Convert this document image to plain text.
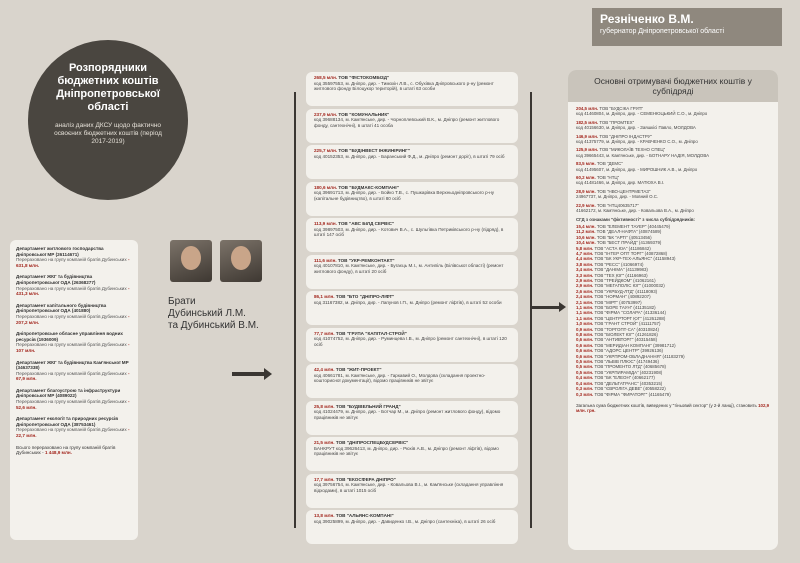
Резніченко В.М.
губернатор Дніпропетровської області
Розпорядники бюджетних коштів Дніпропетровської області
аналіз даних ДКСУ щодо фактично освоєних бюджетних коштів (період 2017-2019)
Департамент житлового господарства Дніпровської МР (26114671)
Перераховано на групу компаній братів Дубинських - 631,8 млн.
Департамент ЖКГ та будівництва Дніпропетровської ОДА (26368277)
Перераховано на групу компаній братів Дубинських - 431,3 млн.
Департамент капітального будівництва Дніпропетровської ОДА (401880)
Перераховано на групу компаній братів Дубинських - 207,2 млн.
Дніпропетровське обласне управління водних ресурсів (1936009)
Перераховано на групу компаній братів Дубинських - 107 млн.
Департамент ЖКГ та будівництва Кам'янської МР (34637338)
Перераховано на групу компаній братів Дубинських - 67,9 млн.
Департамент благоустрою та інфраструктури Дніпровської МР (4089022)
Перераховано на групу компаній братів Дубинських - 52,6 млн.
Департамент екології та природних ресурсів Дніпропетровської ОДА (38753461)
Перераховано на групу компаній братів Дубинських - 22,7 млн.
Всього перераховано на групу компаній братів Дубинських - 1 448,9 млн.
Брати
Дубинський Л.М.
та Дубинський В.М.
268,5 млн. ТОВ "ФІСТОКОМБІЗД"
код 35597553, м. Дніпро, дир. - Тимохін Л.В., с. Обухівка Дніпровського р-ну (ремонт житлового фонду Білоцукор територій), в штаті 63 особи
237,9 млн. ТОВ "КОМУНАЛЬНИК"
код 39688134, м. Кам'янське, дир. - Чорноплевський В.К., м. Дніпро (ремонт житлового фонду, сантехнічні), в штаті 41 особа
225,7 млн. ТОВ "БУДІНВЕСТ ІНЖИНІРИНГ"
код 40152353, м. Дніпро, дир. - Баранський Ф.Д., м. Дніпро (ремонт доріг), в штаті 79 осіб
180,6 млн. ТОВ "БУДМАКС-КОМПАНІ"
код 39691713, м. Дніпро, дир. - Бойко Т.В., с. Пушкарівка Верхньодніпровського р-ну (капітальне будівництво), в штаті 80 осіб
113,9 млн. ТОВ "АВС БІЛД СЕРВІС"
код 39897503, м. Дніпро, дир. - Котович В.А., с. Шульгівка Петриківського р-ну (підряд), в штаті 147 осіб
111,6 млн. ТОВ "УКР-РЕМКОНТАКТ"
код 40107810, м. Кам'янське, дир. - Бугаєць М.І., м. Антипіль (Білівської області) (ремонт житлового фонду), в штаті 20 осіб
86,1 млн. ТОВ "БТО "ДНІПРО-ЛІФТ"
код 31167382, м. Дніпро, дир. - Лапунов І.П., м. Дніпро (ремонт ліфтів), в штаті 52 особи
77,7 млн. ТОВ "ГРУПА "КАПІТАЛ-СТРОЙ"
код 41074752, м. Дніпро, дир. - Руминцева І.В., м. Дніпро (ремонт сантехнічні), в штаті 120 осіб
42,4 млн. ТОВ "ЖИТ-ПРОЕКТ"
код 40661781, м. Кам'янське, дир. - Гаркавий О., Молдова (складання проектно-кошторисної документації), відомо працівників не звітує
25,8 млн. ТОВ "БУДІВЕЛЬНИЙ ГРАНД"
код 41024479, м. Дніпро, дир. - Ботчар М., м. Дніпро (ремонт житлового фонду), відомо працівників не звітує
21,5 млн. ТОВ "ДНІПРОСПЕЦБУДСЕРВІС"
БАНКРУТ код 39626413, м. Дніпро, дир. - Рюхів А.В., м. Дніпро (ремонт ліфтів), відомо працівників не звітує
17,7 млн. ТОВ "ЕКОСФЕРА ДНІПРО"
код 39756754, м. Кам'янське, дир. - Ковальова В.І., м. Кам'янське (складання управління відходами), в штаті 1015 осіб
13,8 млн. ТОВ "АЛЬЯНС-КОМПАНІ"
код 39025899, м. Дніпро, дир. - Давиденко І.В., м. Дніпро (сантехніка), в штаті 26 осіб
Основні отримувачі бюджетних коштів у субпідряді
204,5 млн. ТОВ "БУДСІКА ГРУП"
код 41460804, м. Дніпро, дир. - СЕМЕНЮЦЬКИЙ С.О., м. Дніпро
182,5 млн. ТОВ "ПРОМТЕХ"
код 40156630, м. Дніпро, дир. - Заяшкісі Павло, МОЛДОВА
146,9 млн. ТОВ "ДНІПРО ІНДАСТРУ"
код 41375779, м. Дніпро, дир. - КРАВЧЕНКО С.О., м. Дніпро
125,9 млн. ТОВ "МИКОЛАЇВ ТЕХНО СПЕЦ"
код 39665443, м. Кам'янське, дир. - БОТНАРУ НАДІЯ, МОЛДОВА
83,5 млн. ТОВ "ДЕМС"
код 41495607, м. Дніпро, дир. - МИРОШНИК А.В., м. Дніпро
60,2 млн. ТОВ "НТЦ"
код 41481466, м. Дніпро, дир. МАТЮХА В.І.
28,9 млн. ТОВ "НВО-ЦЕНТРМЕТАЗ"
24967737, м. Дніпро, дир. - Мовний О.С.
22,9 млн. ТОВ "НТЦ40635717"
41662172, м. Кам'янське, дир. - Ковальова В.А., м. Дніпро
СГД з ознаками "фіктивності" з числа субпідрядників:
15,4 млн. ТОВ "ЕЛЕМЕНТ ТАУЕР" (40445479)
11,2 млн. ТОВ "ДЕАЛ-НАФТА" (40874589)
10,6 млн. ТОВ "БК "АРТІ" (40513456)
10,4 млн. ТОВ "БЕСТ ПРАЙД" (41369379)
5,8 млн. ТОВ "АСТА ЮА" (41186842)
4,7 млн. ТОВ "ІНТЕР ОПТ ТОРГ" (40872868)
4,4 млн. ТОВ "БК УКР-ТЕХ-АЛЬЯНС" (41158943)
3,8 млн. ТОВ "РЕСС" (41066974)
3,4 млн. ТОВ "ДАНІМА" (41139983)
3,3 млн. ТОВ "ТЕХ ЮГ" (41166963)
2,9 млн. ТОВ "ТРЕЙДКОМ" (41062161)
2,9 млн. ТОВ "МЕГАПОЛІС ЮГ" (41000032)
2,6 млн. ТОВ "УКРБУД-ЛТД" (41118093)
2,4 млн. ТОВ "НОРМАН" (40892207)
2,1 млн. ТОВ "МІРТ" (40753997)
1,1 млн. ТОВ "БОРЕ ТАУН" (41135182)
1,1 млн. ТОВ "ФІРМА "СОЛАРА" (41336144)
1,1 млн. ТОВ "ЦЕНТРТОРГ ЮГ" (41261288)
1,0 млн. ТОВ "ГРАНТ СТРОЙ" (41111757)
0,9 млн. ТОВ "ТОРГОПТ-СА" (40310824)
0,8 млн. ТОВ "БІОЛЕКТ ЮГ" (41261826)
0,6 млн. ТОВ "АНТИВТОРГ" (40315458)
0,6 млн. ТОВ "МЕРИДІАН КОМПАНІ" (39981712)
0,6 млн. ТОВ "АДОРС ЦЕНТР" (39926136)
0,6 млн. ТОВ "УКРПРОМ-ОБЛАДНАННЯ" (41183279)
0,5 млн. ТОВ "ЛЬВІВ ПЛЮС" (41749436)
0,5 млн. ТОВ "ПРОМЕНТО ЛТД" (40685678)
0,5 млн. ТОВ "УКРПИРАМІДА" (40231908)
0,4 млн. ТОВ "БК "ЕЛЕОН" (40662177)
0,4 млн. ТОВ "ДЕЛЬТАТРАНС" (40353215)
0,3 млн. ТОВ "ЄВРОЛІГА ДЕВЕ" (40558222)
0,3 млн. ТОВ "ФІРМА "ФИРАТОРГ" (41165479)
Загальна сума бюджетних коштів, виведених у "тіньовий сектор" (у 2-й ланці), становить 102,9 млн. грн.
